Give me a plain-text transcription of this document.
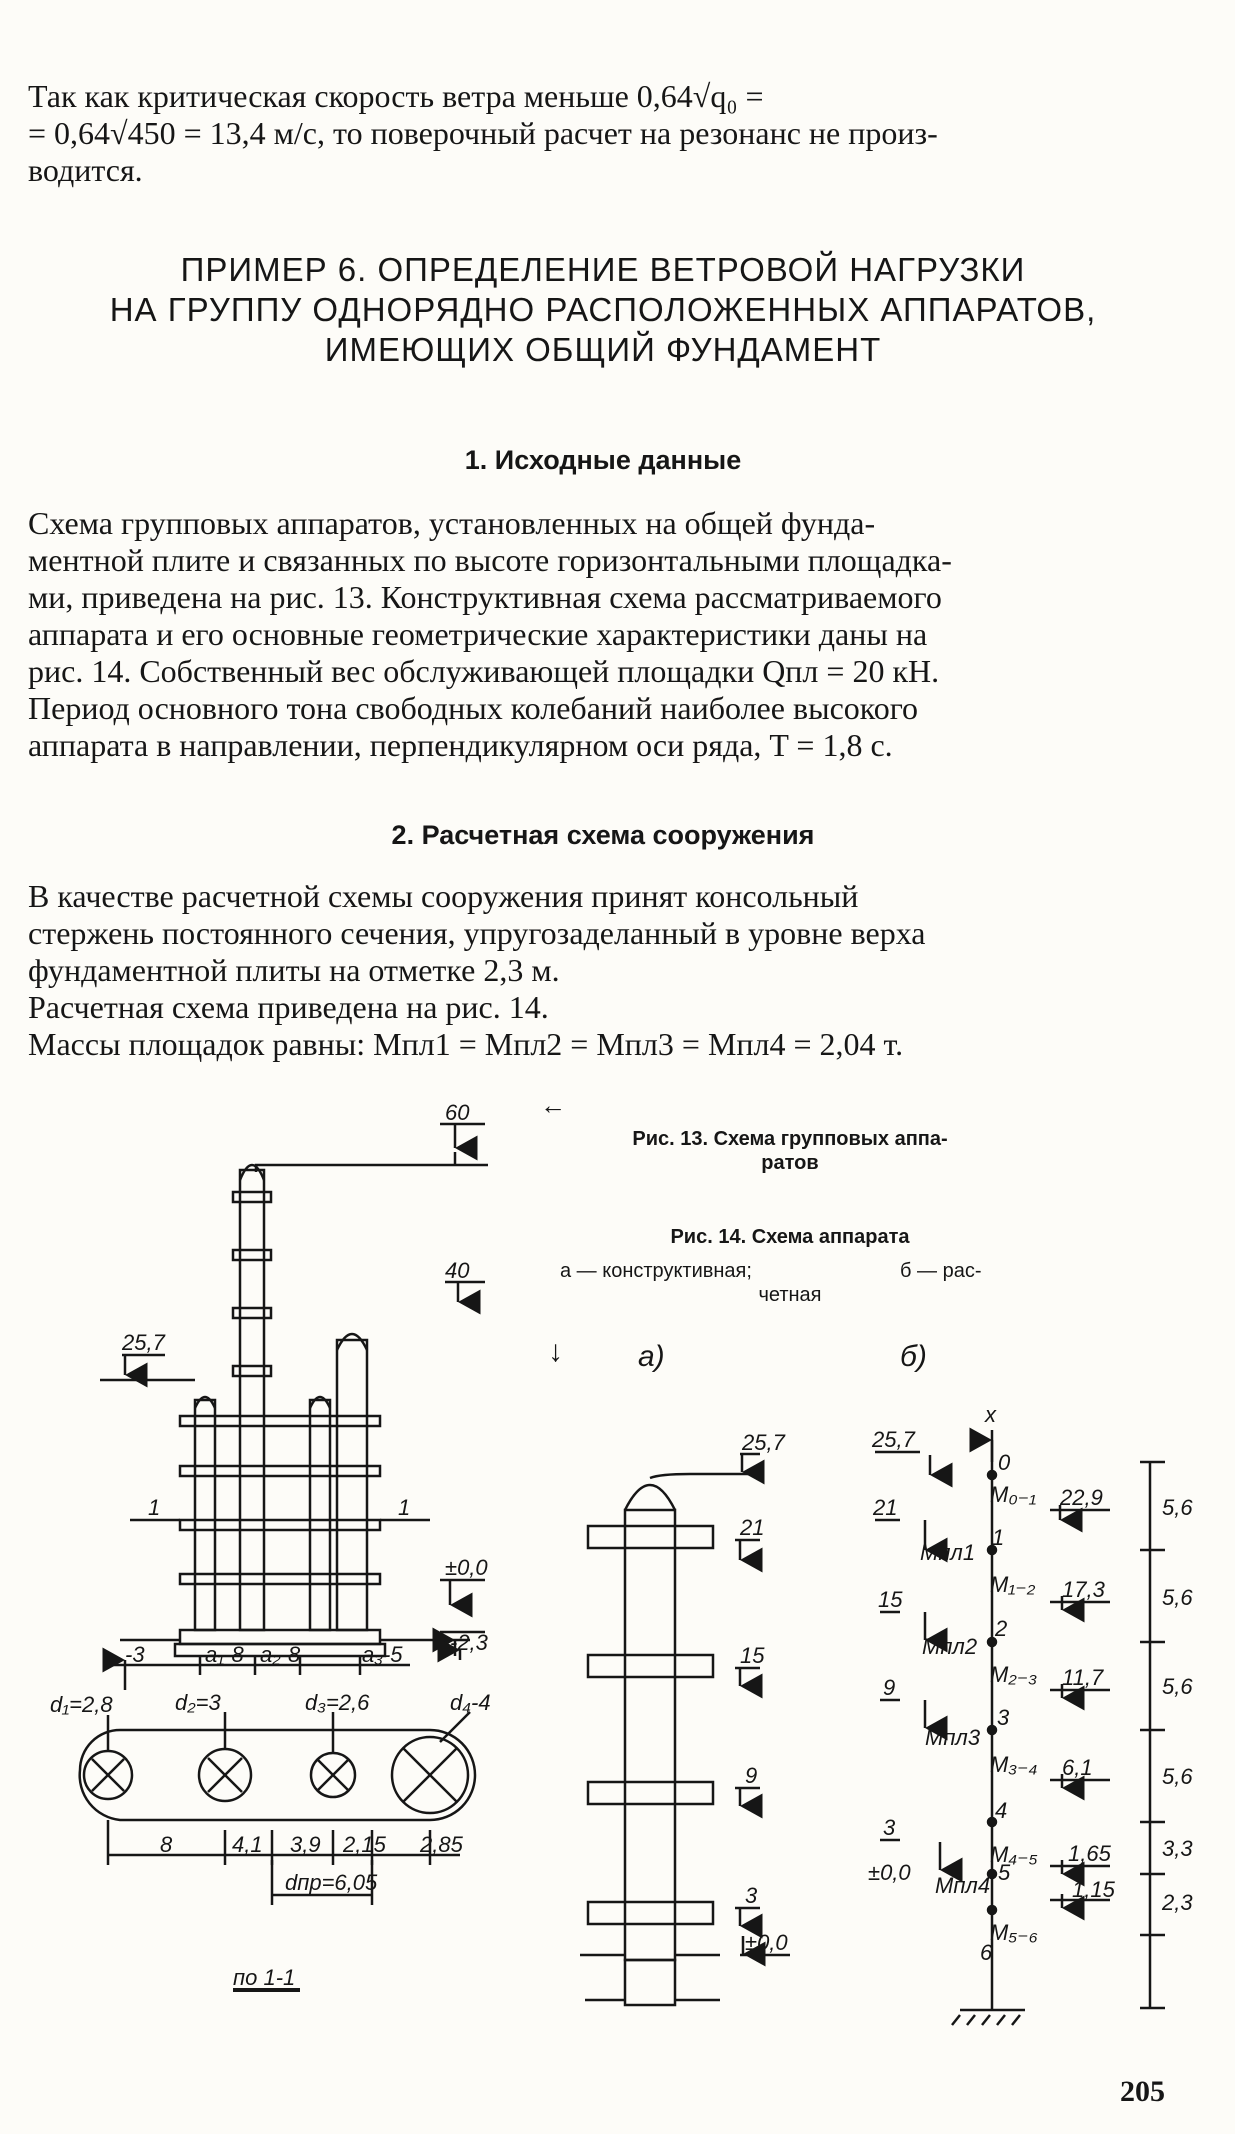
Так как критическая скорость ветра меньше 0,64√q₀ =
= 0,64√450 = 13,4 м/с, то поверочный расчет на резонанс не произ-
водится.

ПРИМЕР 6. ОПРЕДЕЛЕНИЕ ВЕТРОВОЙ НАГРУЗКИ
НА ГРУППУ ОДНОРЯДНО РАСПОЛОЖЕННЫХ АППАРАТОВ,
ИМЕЮЩИХ ОБЩИЙ ФУНДАМЕНТ
1. Исходные данные

Схема групповых аппаратов, установленных на общей фунда-
ментной плите и связанных по высоте горизонтальными площадка-
ми, приведена на рис. 13. Конструктивная схема рассматриваемого
аппарата и его основные геометрические характеристики даны на
рис. 14. Собственный вес обслуживающей площадки Qпл = 20 кН.
Период основного тона свободных колебаний наиболее высокого
аппарата в направлении, перпендикулярном оси ряда, T = 1,8 с.

2. Расчетная схема сооружения

В качестве расчетной схемы сооружения принят консольный
стержень постоянного сечения, упругозаделанный в уровне верха
фундаментной плиты на отметке 2,3 м.
Расчетная схема приведена на рис. 14.
Массы площадок равны: Mпл1 = Mпл2 = Mпл3 = Mпл4 = 2,04 т.

←
Рис. 13. Схема групповых аппа-
ратов
Рис. 14. Схема аппарата
а — конструктивная;	б — рас-
четная
↓	а)	б)
60
40
25,7
±0,0
-2,3
1	1
-3	a₁-8 a₂-8	a₃-5
d₁=2,8	d₂=3	d₃=2,6	d₄-4
8	4,1 3,9 2,15 2,85
dпр=6,05
по 1-1
25,7
21
15
9
3
±0,0
x
25,7
21
15
9
3
±0,0
0
1
2
3
4
5
6
M₀₋₁
M₁₋₂
M₂₋₃
M₃₋₄
M₄₋₅
M₅₋₆
Mпл1
Mпл2
Mпл3
Mпл4
22,9
17,3
11,7
6,1
1,65
1,15
5,6
5,6
5,6
5,6
3,3
2,3
205
